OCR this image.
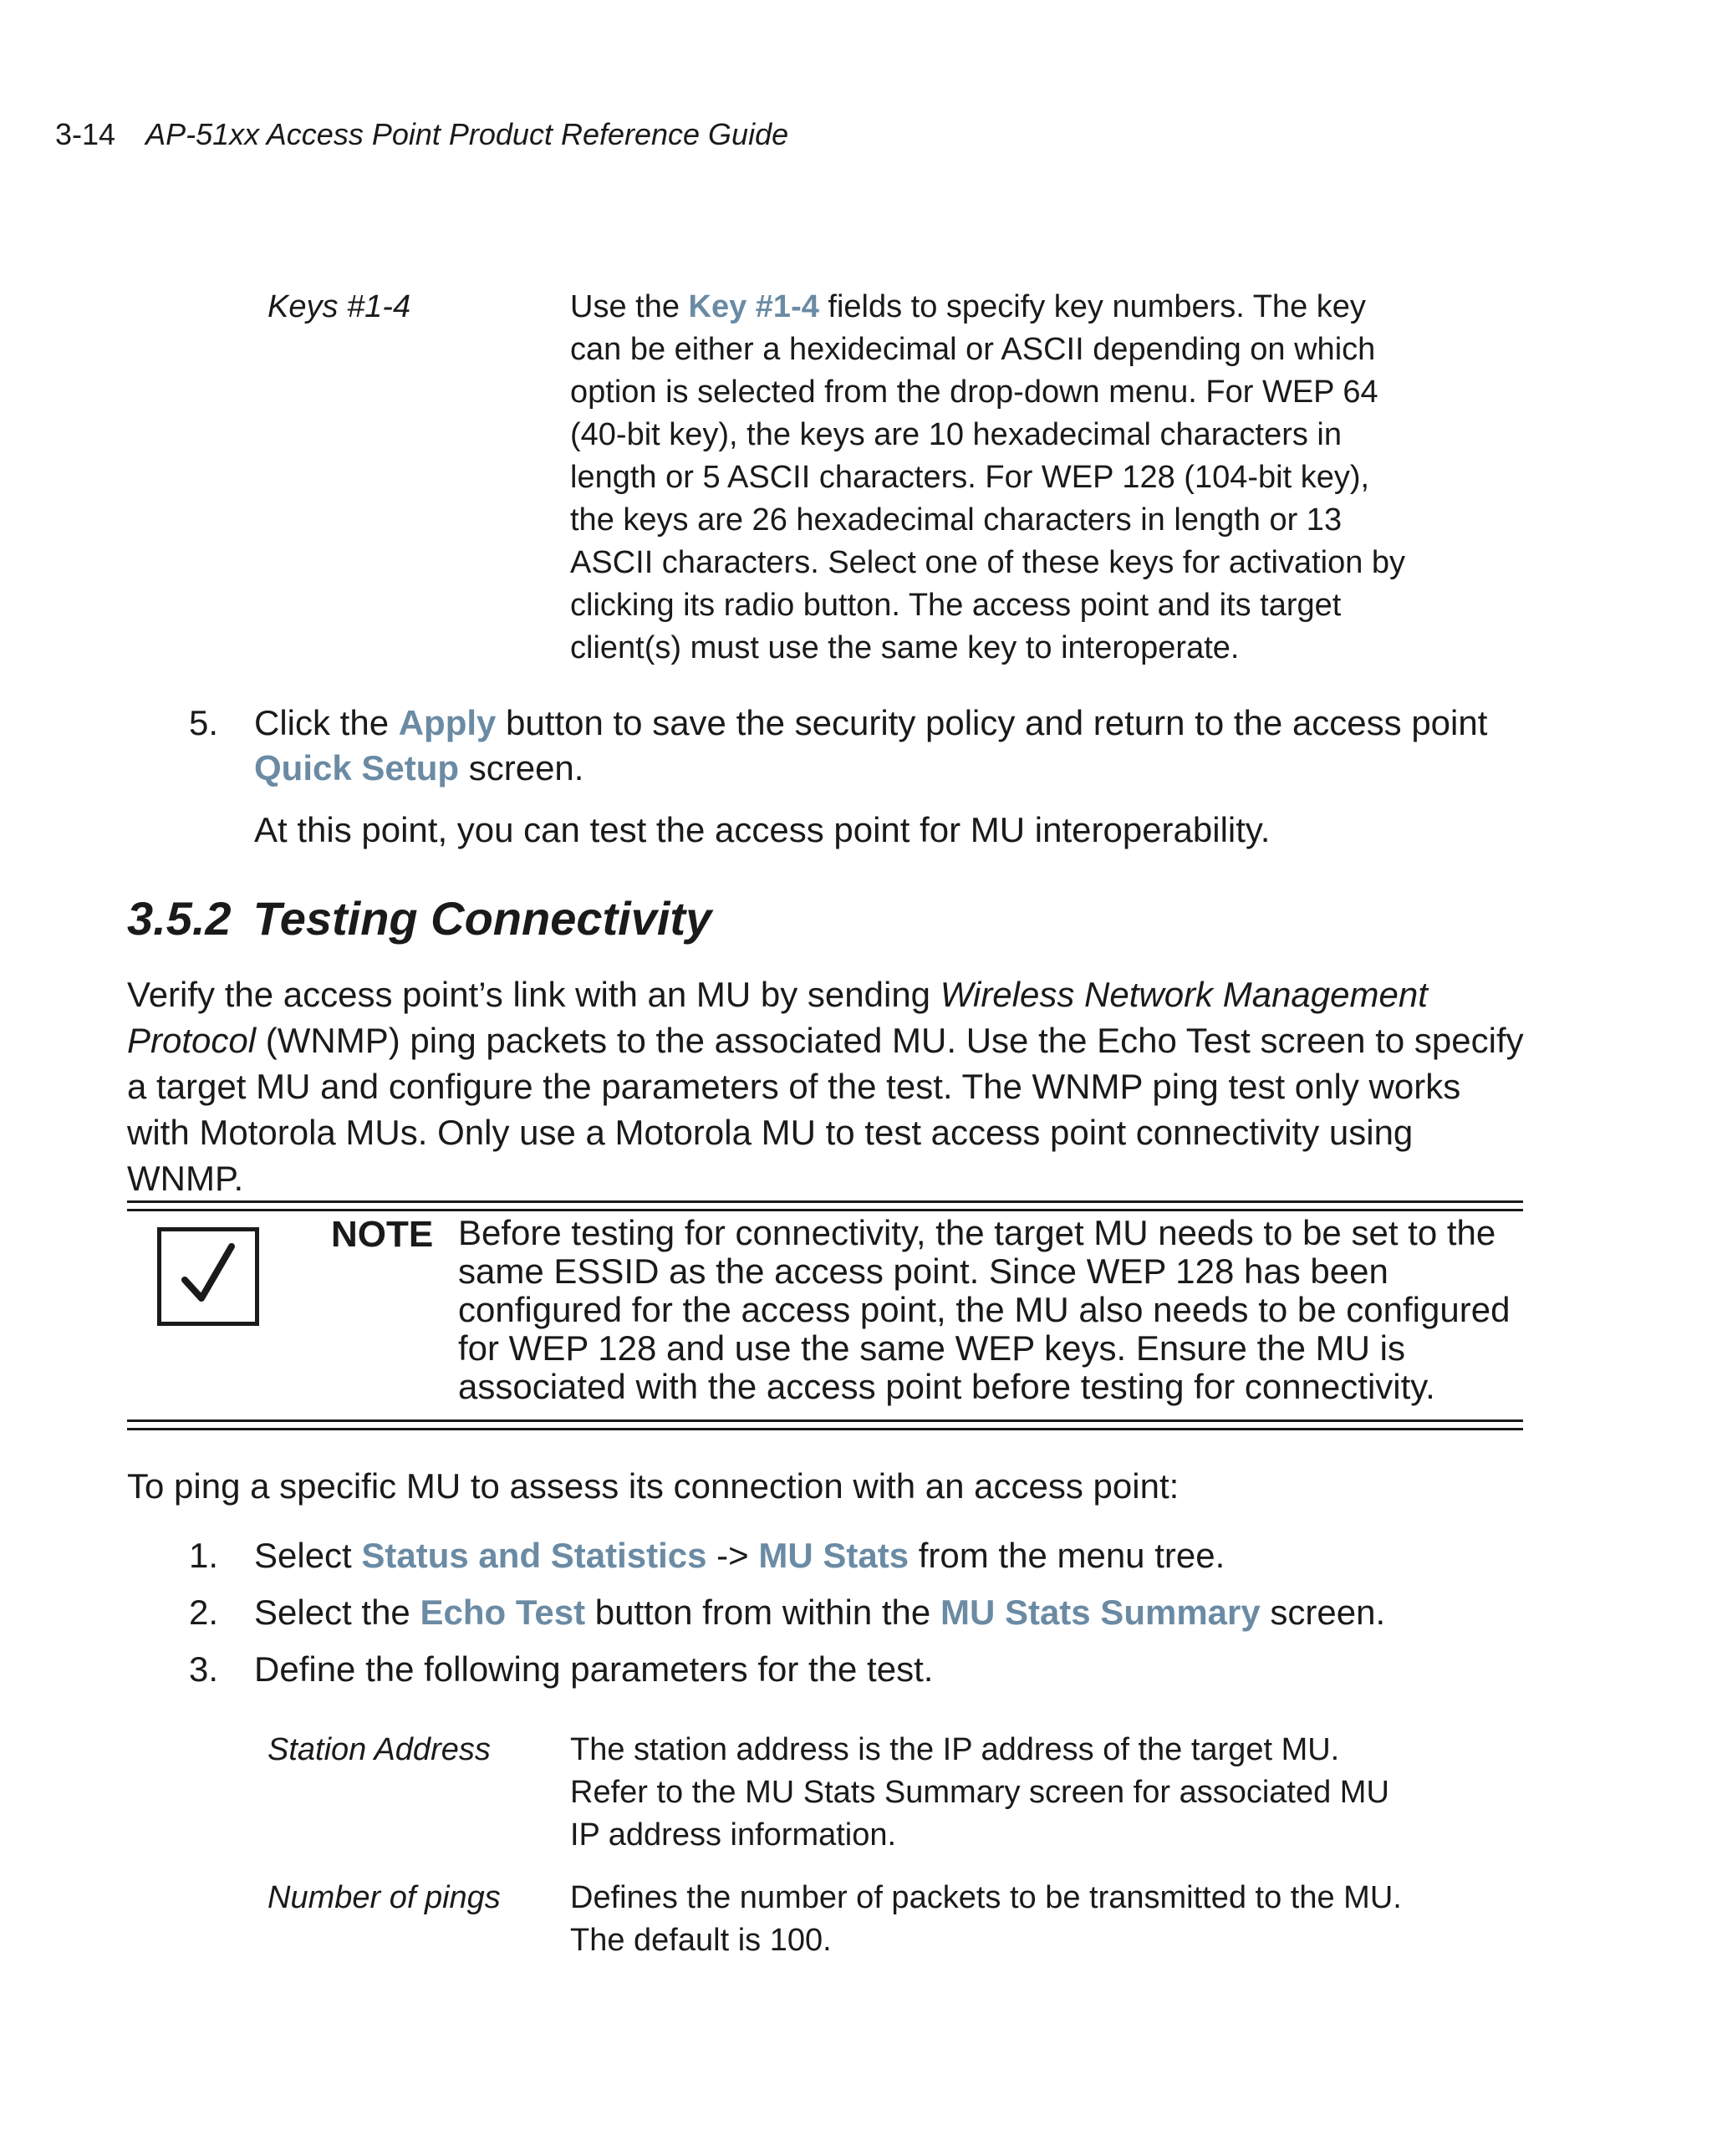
3-14 AP-51xx Access Point Product Reference Guide
Keys #1-4	Use the Key #1-4 fields to specify key numbers. The key can be either a hexidecimal or ASCII depending on which option is selected from the drop-down menu. For WEP 64 (40-bit key), the keys are 10 hexadecimal characters in length or 5 ASCII characters. For WEP 128 (104-bit key), the keys are 26 hexadecimal characters in length or 13 ASCII characters. Select one of these keys for activation by clicking its radio button. The access point and its target client(s) must use the same key to interoperate.

5. Click the Apply button to save the security policy and return to the access point Quick Setup screen.
At this point, you can test the access point for MU interoperability.
3.5.2 Testing Connectivity

Verify the access point’s link with an MU by sending Wireless Network Management Protocol (WNMP) ping packets to the associated MU. Use the Echo Test screen to specify a target MU and configure the parameters of the test. The WNMP ping test only works with Motorola MUs. Only use a Motorola MU to test access point connectivity using WNMP.

NOTE Before testing for connectivity, the target MU needs to be set to the same ESSID as the access point. Since WEP 128 has been configured for the access point, the MU also needs to be configured for WEP 128 and use the same WEP keys. Ensure the MU is associated with the access point before testing for connectivity.

To ping a specific MU to assess its connection with an access point:

1. Select Status and Statistics -> MU Stats from the menu tree.
2. Select the Echo Test button from within the MU Stats Summary screen.
3. Define the following parameters for the test.
Station Address	The station address is the IP address of the target MU. Refer to the MU Stats Summary screen for associated MU IP address information.
Number of pings	Defines the number of packets to be transmitted to the MU. The default is 100.
